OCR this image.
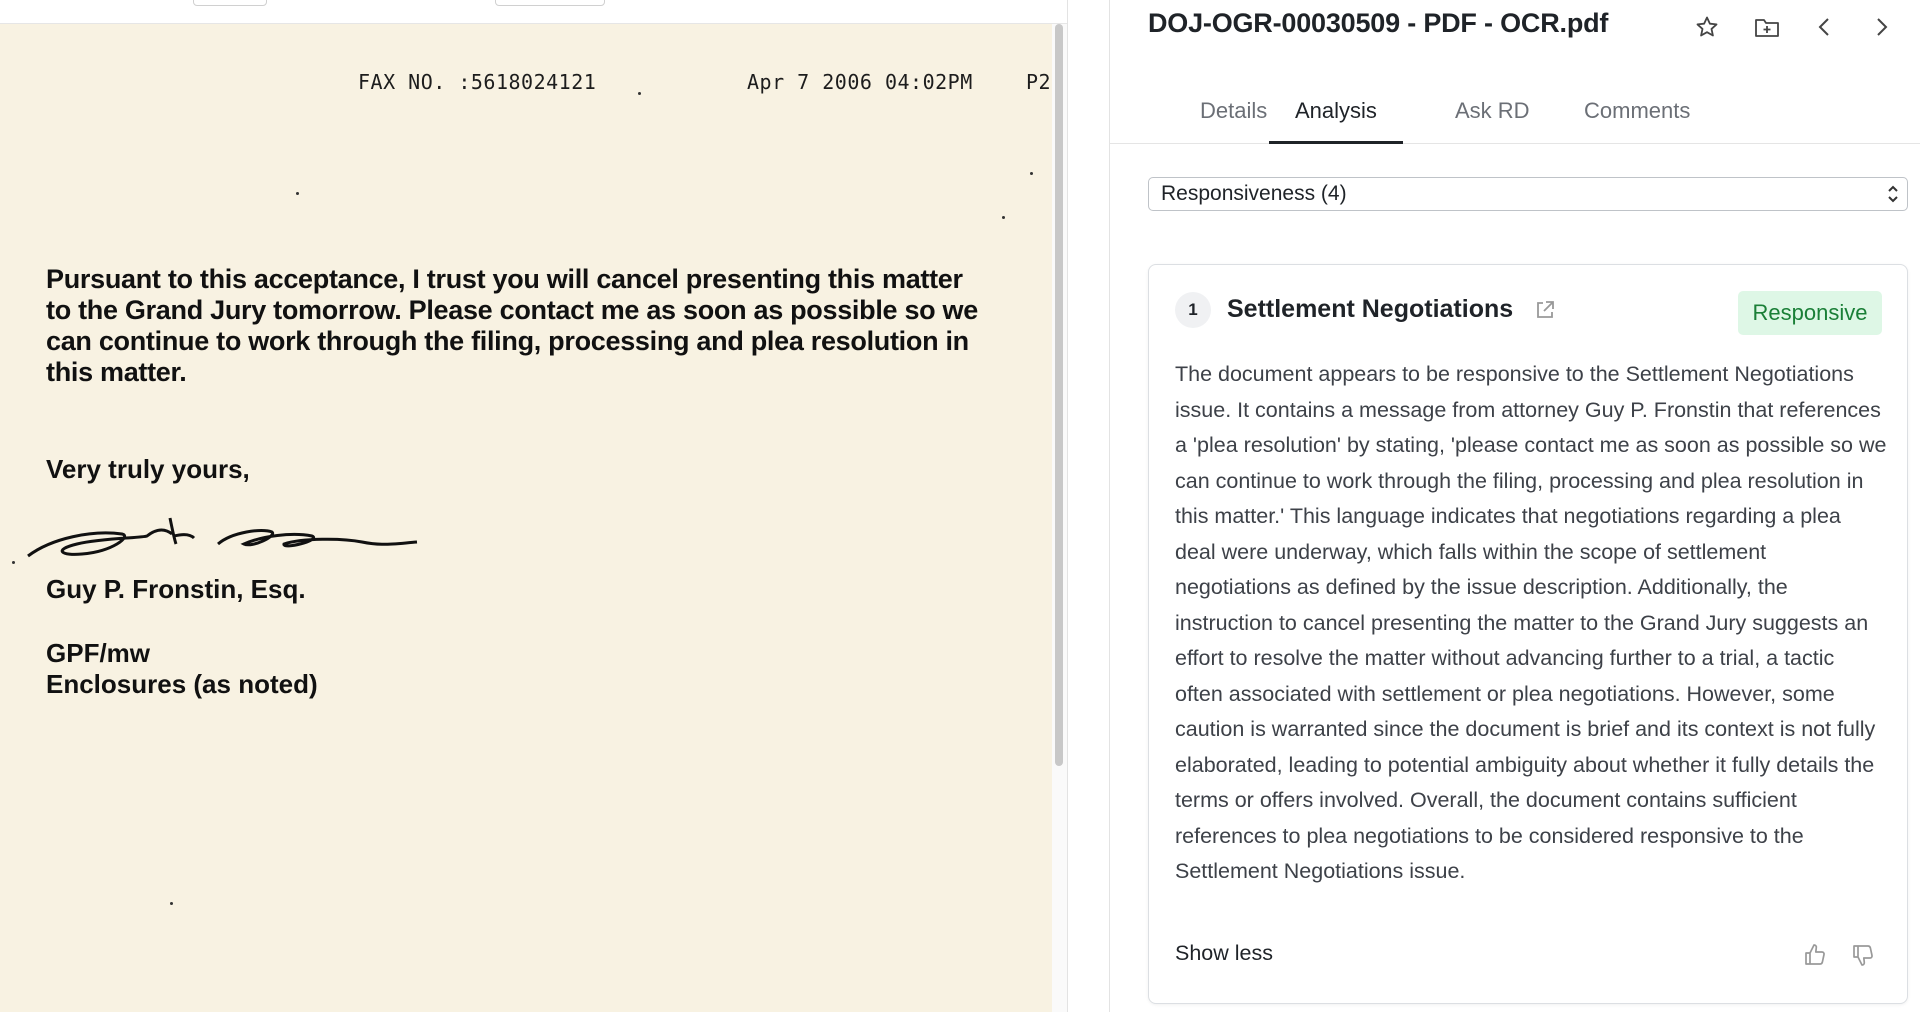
FAX NO. :5618024121	Apr 7 2006 04:02PM	P2
Pursuant to this acceptance, I trust you will cancel presenting this matter
to the Grand Jury tomorrow. Please contact me as soon as possible so we
can continue to work through the filing, processing and plea resolution in
this matter.
Very truly yours,
Guy P. Fronstin, Esq.
GPF/mw
Enclosures (as noted)
DOJ-OGR-00030509 - PDF - OCR.pdf
Details	Analysis	Ask RD	Comments
Responsiveness (4)
1	Settlement Negotiations	Responsive
The document appears to be responsive to the Settlement Negotiations issue. It contains a message from attorney Guy P. Fronstin that references a 'plea resolution' by stating, 'please contact me as soon as possible so we can continue to work through the filing, processing and plea resolution in this matter.' This language indicates that negotiations regarding a plea deal were underway, which falls within the scope of settlement negotiations as defined by the issue description. Additionally, the instruction to cancel presenting the matter to the Grand Jury suggests an effort to resolve the matter without advancing further to a trial, a tactic often associated with settlement or plea negotiations. However, some caution is warranted since the document is brief and its context is not fully elaborated, leading to potential ambiguity about whether it fully details the terms or offers involved. Overall, the document contains sufficient references to plea negotiations to be considered responsive to the Settlement Negotiations issue.
Show less
